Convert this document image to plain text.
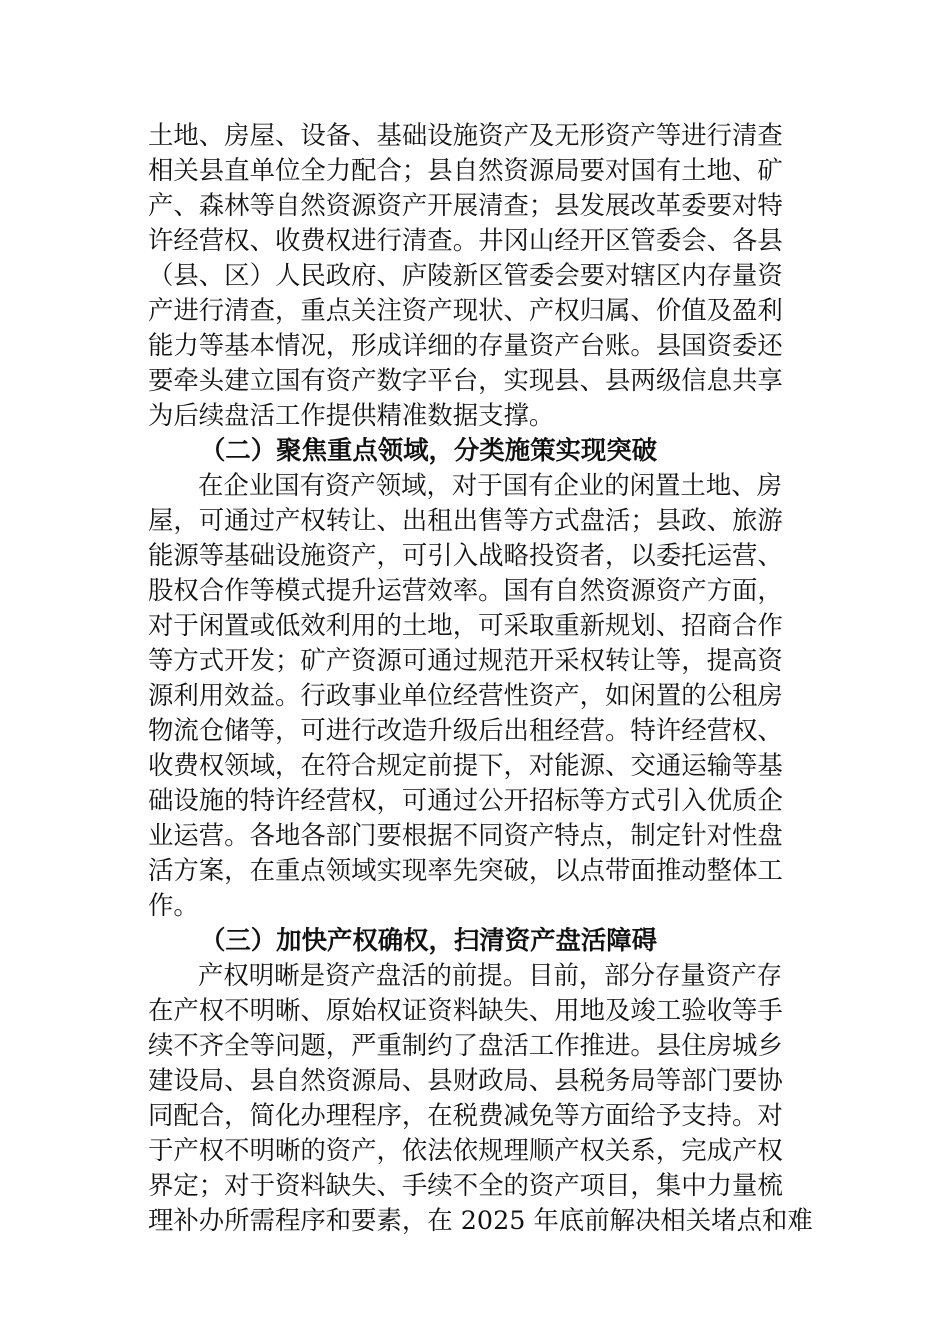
土地、房屋、设备、基础设施资产及无形资产等进行清查
相关县直单位全力配合；县自然资源局要对国有土地、矿
产、森林等自然资源资产开展清查；县发展改革委要对特
许经营权、收费权进行清查。井冈山经开区管委会、各县
（县、区）人民政府、庐陵新区管委会要对辖区内存量资
产进行清查，重点关注资产现状、产权归属、价值及盈利
能力等基本情况，形成详细的存量资产台账。县国资委还
要牵头建立国有资产数字平台，实现县、县两级信息共享
为后续盘活工作提供精准数据支撑。
（二）聚焦重点领域，分类施策实现突破
在企业国有资产领域，对于国有企业的闲置土地、房
屋，可通过产权转让、出租出售等方式盘活；县政、旅游
能源等基础设施资产，可引入战略投资者，以委托运营、
股权合作等模式提升运营效率。国有自然资源资产方面，
对于闲置或低效利用的土地，可采取重新规划、招商合作
等方式开发；矿产资源可通过规范开采权转让等，提高资
源利用效益。行政事业单位经营性资产，如闲置的公租房
物流仓储等，可进行改造升级后出租经营。特许经营权、
收费权领域，在符合规定前提下，对能源、交通运输等基
础设施的特许经营权，可通过公开招标等方式引入优质企
业运营。各地各部门要根据不同资产特点，制定针对性盘
活方案，在重点领域实现率先突破，以点带面推动整体工
作。
（三）加快产权确权，扫清资产盘活障碍
产权明晰是资产盘活的前提。目前，部分存量资产存
在产权不明晰、原始权证资料缺失、用地及竣工验收等手
续不齐全等问题，严重制约了盘活工作推进。县住房城乡
建设局、县自然资源局、县财政局、县税务局等部门要协
同配合，简化办理程序，在税费减免等方面给予支持。对
于产权不明晰的资产，依法依规理顺产权关系，完成产权
界定；对于资料缺失、手续不全的资产项目，集中力量梳
理补办所需程序和要素，在 2025 年底前解决相关堵点和难
